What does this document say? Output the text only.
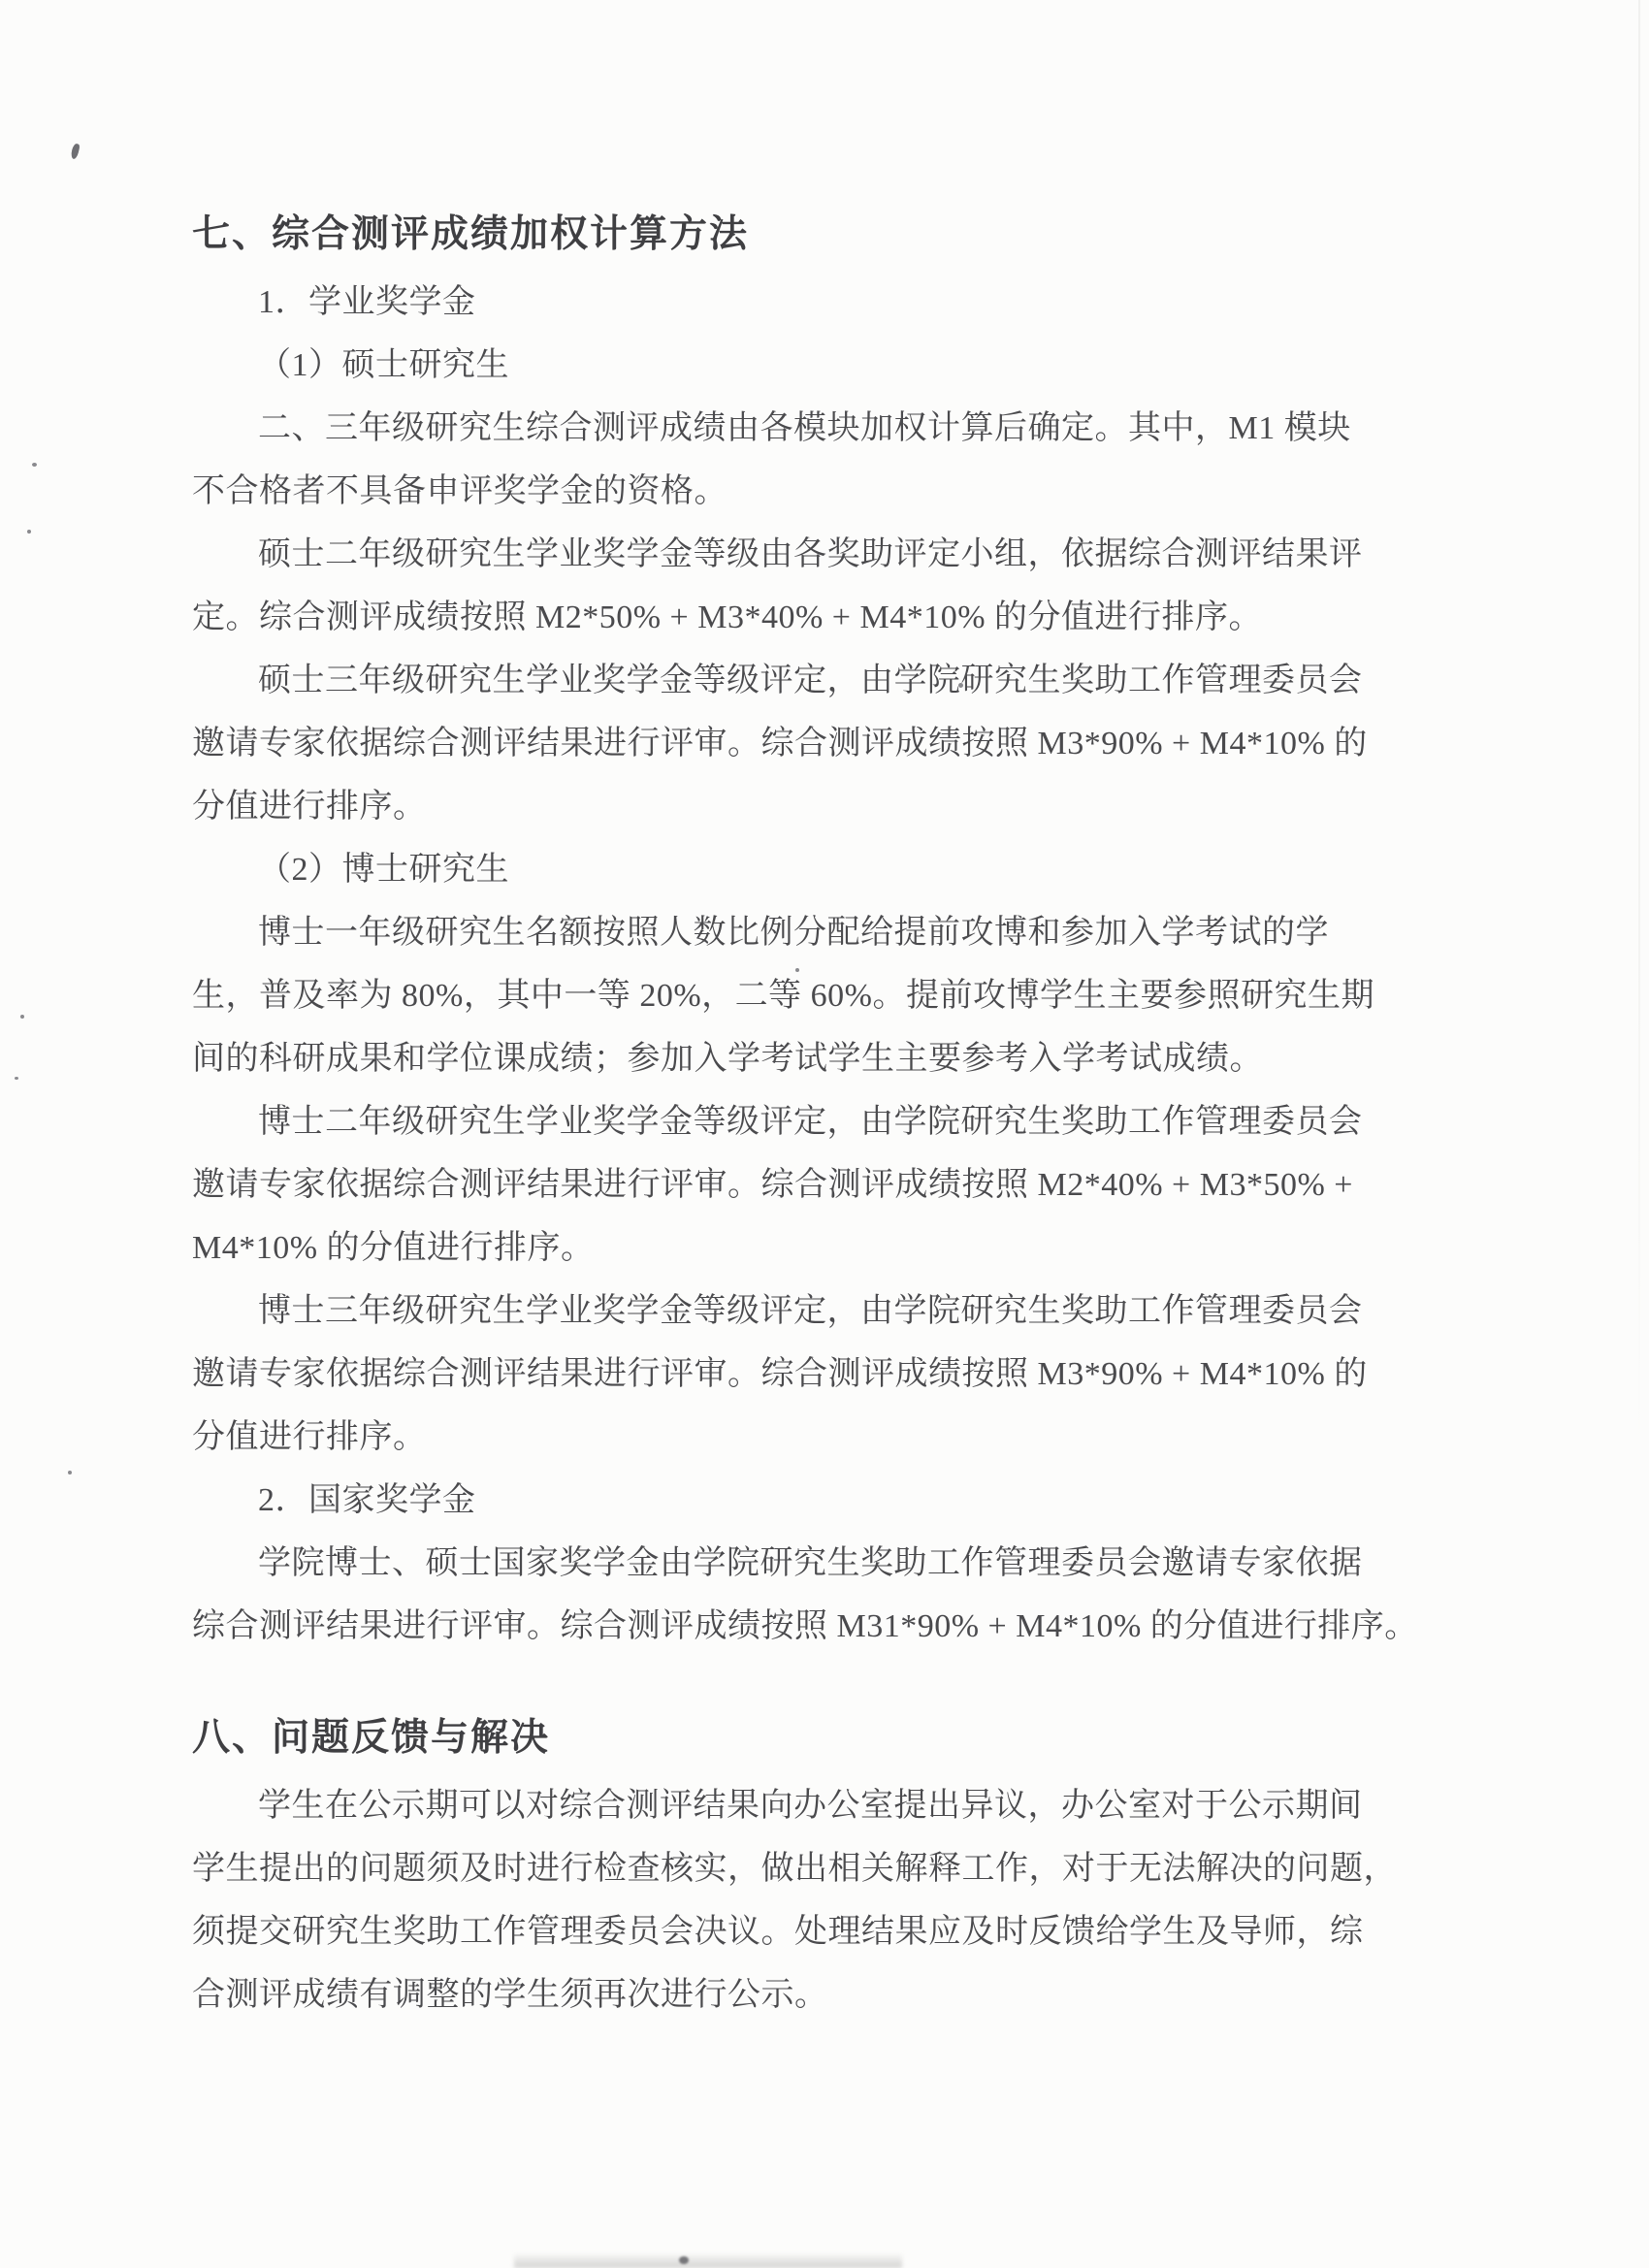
七、综合测评成绩加权计算方法
1．学业奖学金
（1）硕士研究生
二、三年级研究生综合测评成绩由各模块加权计算后确定。其中，M1 模块
不合格者不具备申评奖学金的资格。
硕士二年级研究生学业奖学金等级由各奖助评定小组，依据综合测评结果评
定。综合测评成绩按照 M2*50% + M3*40% + M4*10% 的分值进行排序。
硕士三年级研究生学业奖学金等级评定，由学院研究生奖助工作管理委员会
邀请专家依据综合测评结果进行评审。综合测评成绩按照 M3*90% + M4*10% 的
分值进行排序。
（2）博士研究生
博士一年级研究生名额按照人数比例分配给提前攻博和参加入学考试的学
生，普及率为 80%，其中一等 20%，二等 60%。提前攻博学生主要参照研究生期
间的科研成果和学位课成绩；参加入学考试学生主要参考入学考试成绩。
博士二年级研究生学业奖学金等级评定，由学院研究生奖助工作管理委员会
邀请专家依据综合测评结果进行评审。综合测评成绩按照 M2*40% + M3*50% +
M4*10% 的分值进行排序。
博士三年级研究生学业奖学金等级评定，由学院研究生奖助工作管理委员会
邀请专家依据综合测评结果进行评审。综合测评成绩按照 M3*90% + M4*10% 的
分值进行排序。
2．国家奖学金
学院博士、硕士国家奖学金由学院研究生奖助工作管理委员会邀请专家依据
综合测评结果进行评审。综合测评成绩按照 M31*90% + M4*10% 的分值进行排序。
八、问题反馈与解决
学生在公示期可以对综合测评结果向办公室提出异议，办公室对于公示期间
学生提出的问题须及时进行检查核实，做出相关解释工作，对于无法解决的问题，
须提交研究生奖助工作管理委员会决议。处理结果应及时反馈给学生及导师，综
合测评成绩有调整的学生须再次进行公示。
